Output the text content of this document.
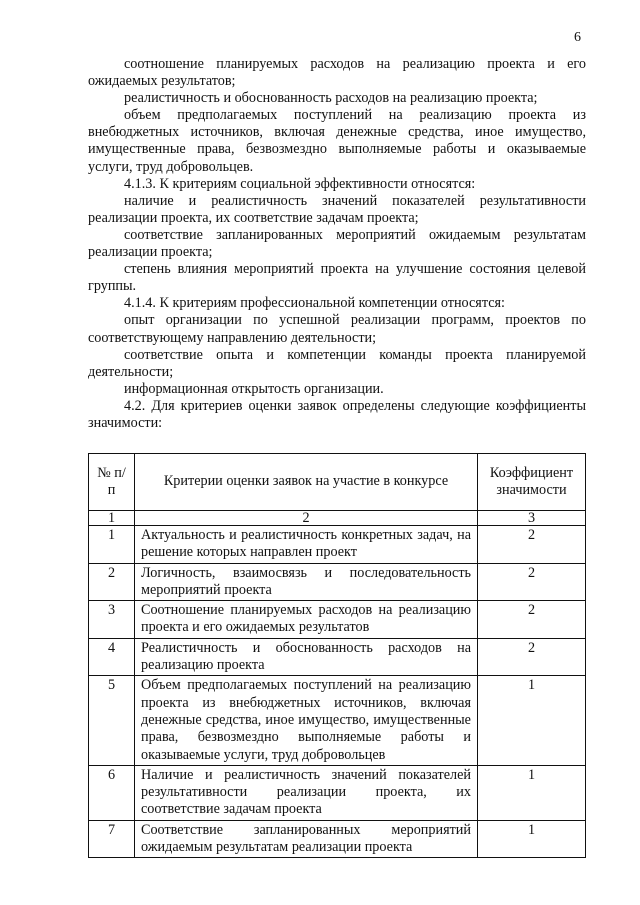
6

соотношение планируемых расходов на реализацию проекта и его ожидаемых результатов;

реалистичность и обоснованность расходов на реализацию проекта;

объем предполагаемых поступлений на реализацию проекта из внебюджетных источников, включая денежные средства, иное имущество, имущественные права, безвозмездно выполняемые работы и оказываемые услуги, труд добровольцев.

4.1.3. К критериям социальной эффективности относятся:

наличие и реалистичность значений показателей результативности реализации проекта, их соответствие задачам проекта;

соответствие запланированных мероприятий ожидаемым результатам реализации проекта;

степень влияния мероприятий проекта на улучшение состояния целевой группы.

4.1.4. К критериям профессиональной компетенции относятся:

опыт организации по успешной реализации программ, проектов по соответствующему направлению деятельности;

соответствие опыта и компетенции команды проекта планируемой деятельности;

информационная открытость организации.

4.2. Для критериев оценки заявок определены следующие коэффициенты значимости:

№ п/п	Критерии оценки заявок на участие в конкурсе	Коэффициент значимости
1	2	3
1	Актуальность и реалистичность конкретных задач, на решение которых направлен проект	2
2	Логичность, взаимосвязь и последовательность мероприятий проекта	2
3	Соотношение планируемых расходов на реализацию проекта и его ожидаемых результатов	2
4	Реалистичность и обоснованность расходов на реализацию проекта	2
5	Объем предполагаемых поступлений на реализацию проекта из внебюджетных источников, включая денежные средства, иное имущество, имущественные права, безвозмездно выполняемые работы и оказываемые услуги, труд добровольцев	1
6	Наличие и реалистичность значений показателей результативности реализации проекта, их соответствие задачам проекта	1
7	Соответствие запланированных мероприятий ожидаемым результатам реализации проекта	1
